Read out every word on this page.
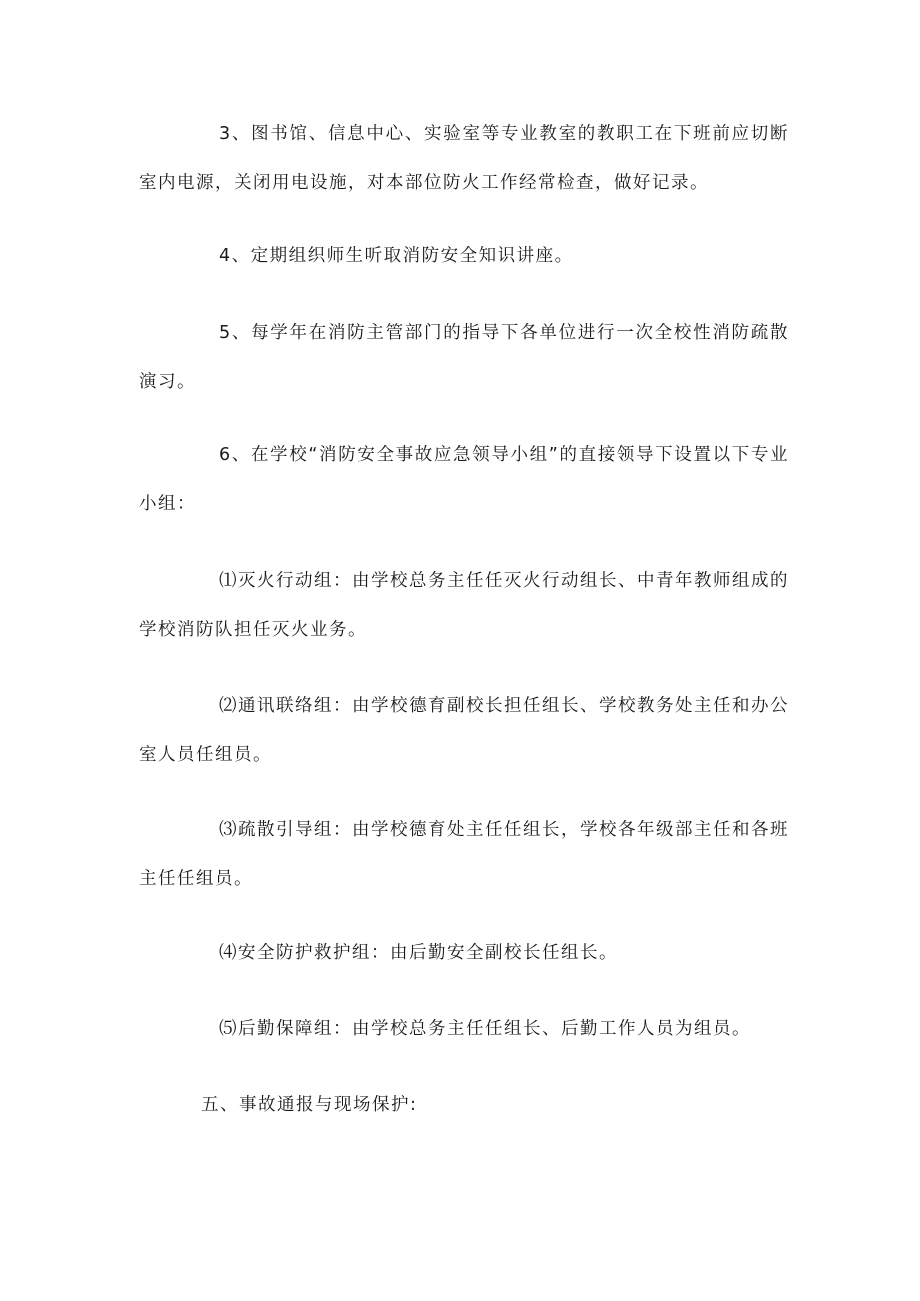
3、图书馆、信息中心、实验室等专业教室的教职工在下班前应切断室内电源，关闭用电设施，对本部位防火工作经常检查，做好记录。

4、定期组织师生听取消防安全知识讲座。

5、每学年在消防主管部门的指导下各单位进行一次全校性消防疏散演习。

6、在学校“消防安全事故应急领导小组”的直接领导下设置以下专业小组：

⑴灭火行动组：由学校总务主任任灭火行动组长、中青年教师组成的学校消防队担任灭火业务。

⑵通讯联络组：由学校德育副校长担任组长、学校教务处主任和办公室人员任组员。

⑶疏散引导组：由学校德育处主任任组长，学校各年级部主任和各班主任任组员。

⑷安全防护救护组：由后勤安全副校长任组长。

⑸后勤保障组：由学校总务主任任组长、后勤工作人员为组员。

五、事故通报与现场保护:
